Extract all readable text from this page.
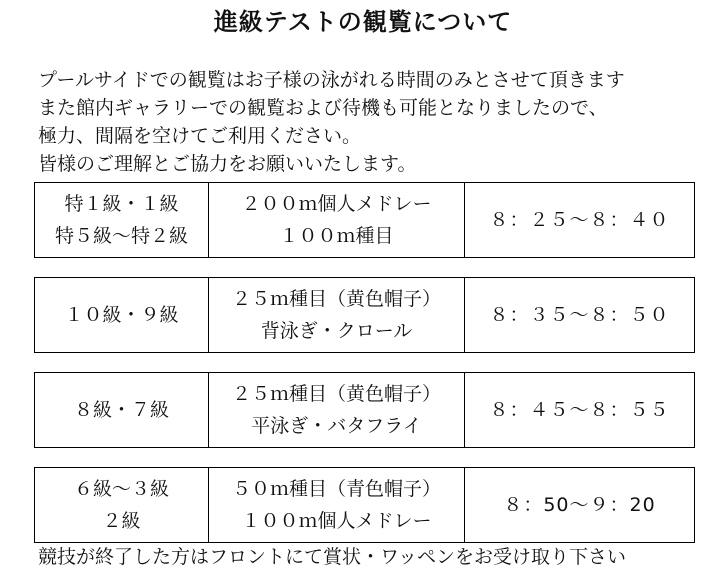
進級テストの観覧について
プールサイドでの観覧はお子様の泳がれる時間のみとさせて頂きます
また館内ギャラリーでの観覧および待機も可能となりましたので、
極力、間隔を空けてご利用ください。
皆様のご理解とご協力をお願いいたします。
特１級・１級
特５級～特２級
２００ｍ個人メドレー
１００ｍ種目
８：２５～８：４０
１０級・９級
２５ｍ種目（黄色帽子）
背泳ぎ・クロール
８：３５～８：５０
８級・７級
２５ｍ種目（黄色帽子）
平泳ぎ・バタフライ
８：４５～８：５５
６級～３級
２級
５０ｍ種目（青色帽子）
１００ｍ個人メドレー
８：50～９：20
競技が終了した方はフロントにて賞状・ワッペンをお受け取り下さい
